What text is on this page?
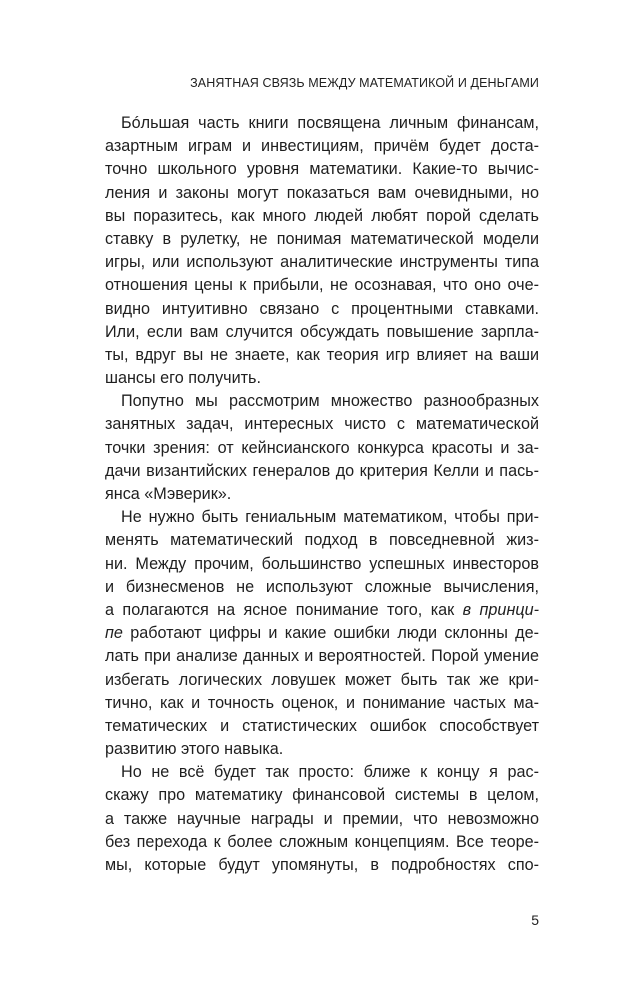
ЗАНЯТНАЯ СВЯЗЬ МЕЖДУ МАТЕМАТИКОЙ И ДЕНЬГАМИ
Бóльшая часть книги посвящена личным финансам,
азартным играм и инвестициям, причём будет доста-
точно школьного уровня математики. Какие-то вычис-
ления и законы могут показаться вам очевидными, но
вы поразитесь, как много людей любят порой сделать
ставку в рулетку, не понимая математической модели
игры, или используют аналитические инструменты типа
отношения цены к прибыли, не осознавая, что оно оче-
видно интуитивно связано с процентными ставками.
Или, если вам случится обсуждать повышение зарпла-
ты, вдруг вы не знаете, как теория игр влияет на ваши
шансы его получить.
Попутно мы рассмотрим множество разнообразных
занятных задач, интересных чисто с математической
точки зрения: от кейнсианского конкурса красоты и за-
дачи византийских генералов до критерия Келли и пась-
янса «Мэверик».
Не нужно быть гениальным математиком, чтобы при-
менять математический подход в повседневной жиз-
ни. Между прочим, большинство успешных инвесторов
и бизнесменов не используют сложные вычисления,
а полагаются на ясное понимание того, как в принци-
пе работают цифры и какие ошибки люди склонны де-
лать при анализе данных и вероятностей. Порой умение
избегать логических ловушек может быть так же кри-
тично, как и точность оценок, и понимание частых ма-
тематических и статистических ошибок способствует
развитию этого навыка.
Но не всё будет так просто: ближе к концу я рас-
скажу про математику финансовой системы в целом,
а также научные награды и премии, что невозможно
без перехода к более сложным концепциям. Все теоре-
мы, которые будут упомянуты, в подробностях спо-
5
